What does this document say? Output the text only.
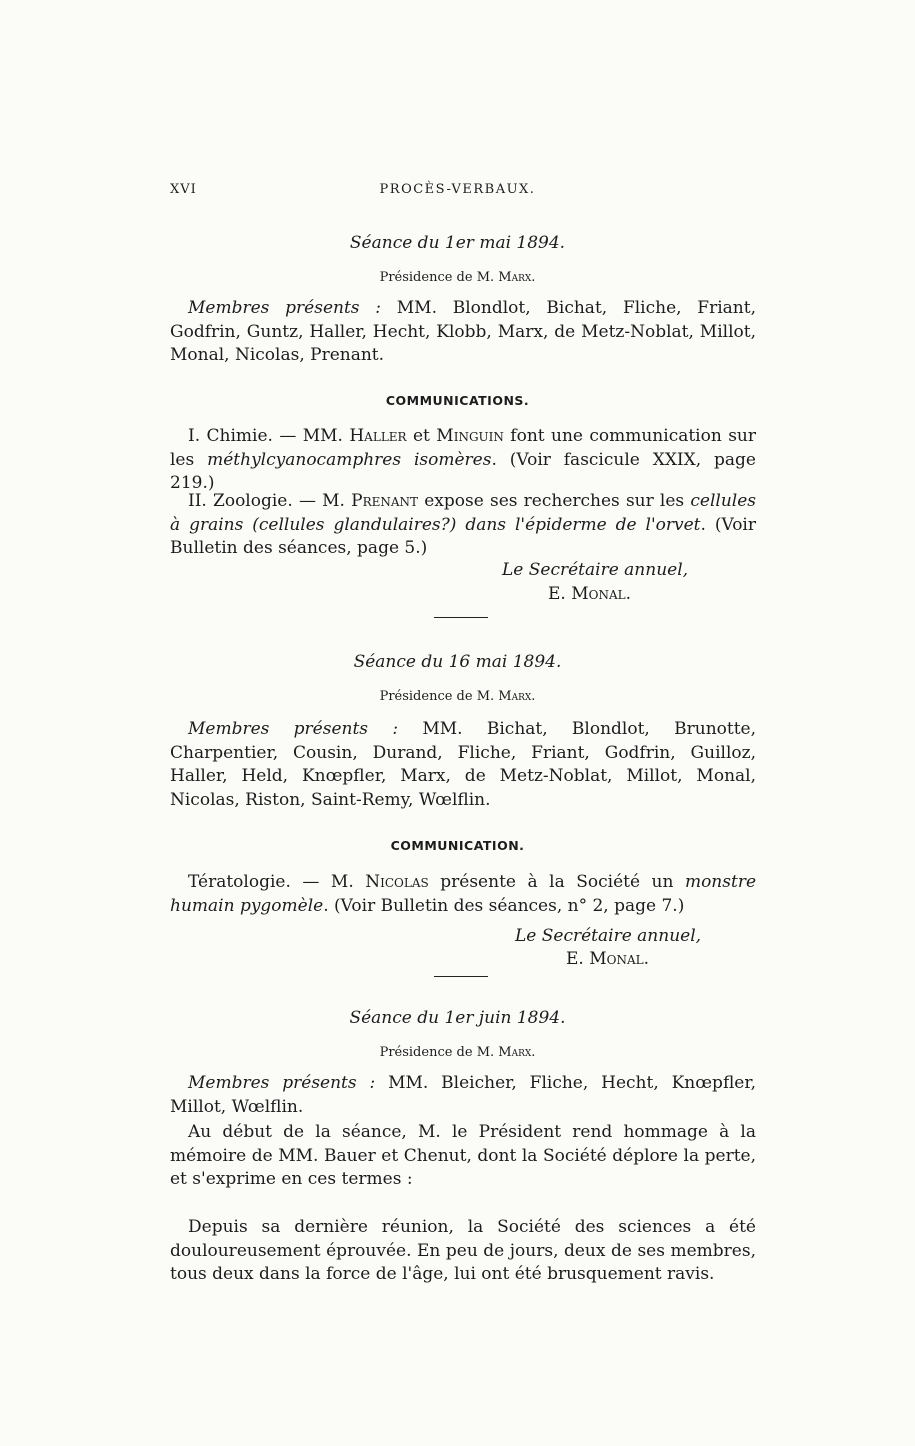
XVI	PROCÈS-VERBAUX.
Séance du 1er mai 1894.
Présidence de M. Marx.

Membres présents : MM. Blondlot, Bichat, Fliche, Friant, Godfrin, Guntz, Haller, Hecht, Klobb, Marx, de Metz-Noblat, Millot, Monal, Nicolas, Prenant.

COMMUNICATIONS.

I. Chimie. — MM. Haller et Minguin font une communication sur les méthylcyanocamphres isomères. (Voir fascicule XXIX, page 219.)

II. Zoologie. — M. Prenant expose ses recherches sur les cellules à grains (cellules glandulaires?) dans l'épiderme de l'orvet. (Voir Bulletin des séances, page 5.)

Le Secrétaire annuel,
E. Monal.
Séance du 16 mai 1894.
Présidence de M. Marx.

Membres présents : MM. Bichat, Blondlot, Brunotte, Charpentier, Cousin, Durand, Fliche, Friant, Godfrin, Guilloz, Haller, Held, Knœpfler, Marx, de Metz-Noblat, Millot, Monal, Nicolas, Riston, Saint-Remy, Wœlflin.

COMMUNICATION.

Tératologie. — M. Nicolas présente à la Société un monstre humain pygomèle. (Voir Bulletin des séances, n° 2, page 7.)

Le Secrétaire annuel,
E. Monal.
Séance du 1er juin 1894.
Présidence de M. Marx.

Membres présents : MM. Bleicher, Fliche, Hecht, Knœpfler, Millot, Wœlflin.

Au début de la séance, M. le Président rend hommage à la mémoire de MM. Bauer et Chenut, dont la Société déplore la perte, et s'exprime en ces termes :

Depuis sa dernière réunion, la Société des sciences a été douloureusement éprouvée. En peu de jours, deux de ses membres, tous deux dans la force de l'âge, lui ont été brusquement ravis.
